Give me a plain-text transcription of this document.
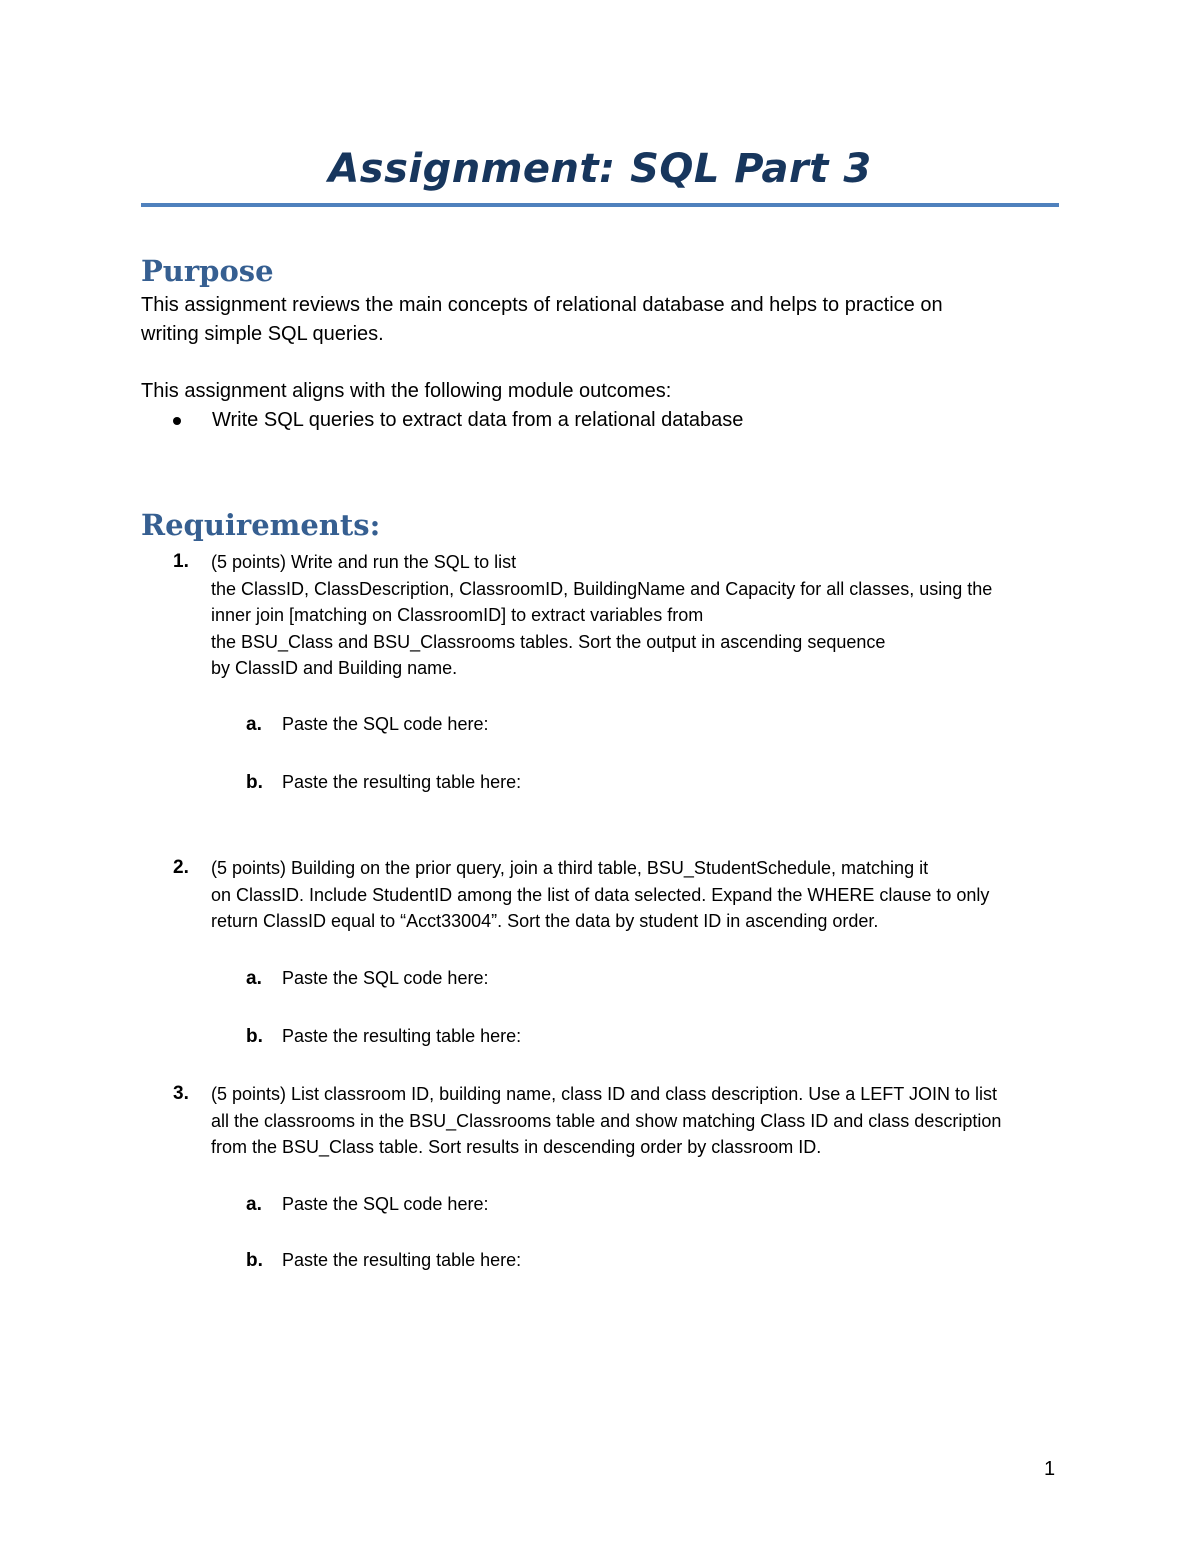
Assignment: SQL Part 3
Purpose

This assignment reviews the main concepts of relational database and helps to practice on
writing simple SQL queries.

This assignment aligns with the following module outcomes:

Write SQL queries to extract data from a relational database
Requirements:
1. (5 points) Write and run the SQL to list
the ClassID, ClassDescription, ClassroomID, BuildingName and Capacity for all classes, using the
inner join [matching on ClassroomID] to extract variables from
the BSU_Class and BSU_Classrooms tables. Sort the output in ascending sequence
by ClassID and Building name.
a. Paste the SQL code here:
b. Paste the resulting table here:
2. (5 points) Building on the prior query, join a third table, BSU_StudentSchedule, matching it
on ClassID. Include StudentID among the list of data selected. Expand the WHERE clause to only
return ClassID equal to “Acct33004”. Sort the data by student ID in ascending order.
a. Paste the SQL code here:
b. Paste the resulting table here:
3. (5 points) List classroom ID, building name, class ID and class description. Use a LEFT JOIN to list
all the classrooms in the BSU_Classrooms table and show matching Class ID and class description
from the BSU_Class table. Sort results in descending order by classroom ID.
a. Paste the SQL code here:
b. Paste the resulting table here:
1
